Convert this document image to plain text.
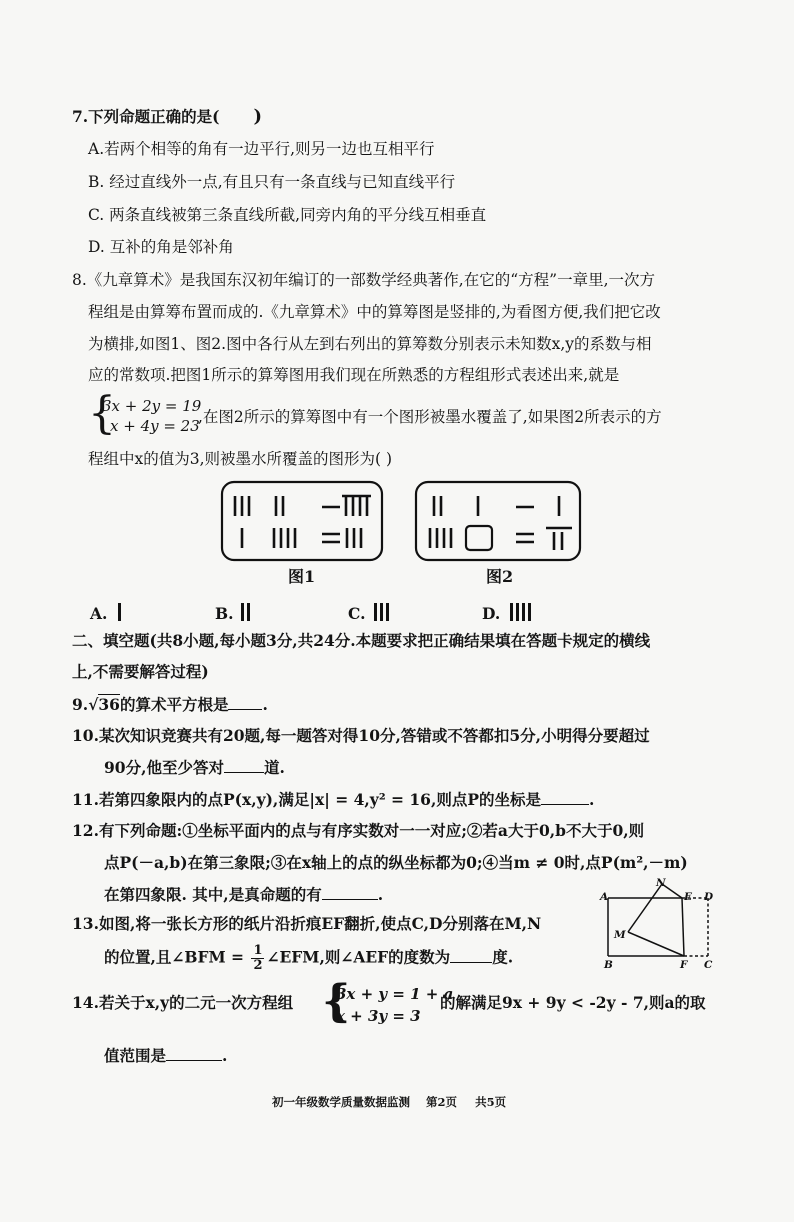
7.下列命题正确的是( )
A.若两个相等的角有一边平行,则另一边也互相平行
B. 经过直线外一点,有且只有一条直线与已知直线平行
C. 两条直线被第三条直线所截,同旁内角的平分线互相垂直
D. 互补的角是邻补角
8.《九章算术》是我国东汉初年编订的一部数学经典著作,在它的“方程”一章里,一次方
程组是由算筹布置而成的.《九章算术》中的算筹图是竖排的,为看图方便,我们把它改
为横排,如图1、图2.图中各行从左到右列出的算筹数分别表示未知数x,y的系数与相
应的常数项.把图1所示的算筹图用我们现在所熟悉的方程组形式表述出来,就是
{
3x + 2y = 19
x + 4y = 23
,在图2所示的算筹图中有一个图形被墨水覆盖了,如果图2所表示的方
程组中x的值为3,则被墨水所覆盖的图形为( )
图1	图2
A.	B.	C.	D.
二、填空题(共8小题,每小题3分,共24分.本题要求把正确结果填在答题卡规定的横线
上,不需要解答过程)
9.√36的算术平方根是 .
10.某次知识竞赛共有20题,每一题答对得10分,答错或不答都扣5分,小明得分要超过
90分,他至少答对	道.
11.若第四象限内的点P(x,y),满足|x| = 4,y² = 16,则点P的坐标是	.
12.有下列命题:①坐标平面内的点与有序实数对一一对应;②若a大于0,b不大于0,则
点P(－a,b)在第三象限;③在x轴上的点的纵坐标都为0;④当m ≠ 0时,点P(m²,－m)
在第四象限. 其中,是真命题的有	.
13.如图,将一张长方形的纸片沿折痕EF翻折,使点C,D分别落在M,N
的位置,且∠BFM = $\frac{1}{2}$ ∠EFM,则∠AEF的度数为	度.
A
N
E D
M
B	F C
14.若关于x,y的二元一次方程组 {
3x + y = 1 + a
x + 3y = 3
的解满足9x + 9y < -2y - 7,则a的取
值范围是	.
初一年级数学质量数据监测 第2页 共5页
